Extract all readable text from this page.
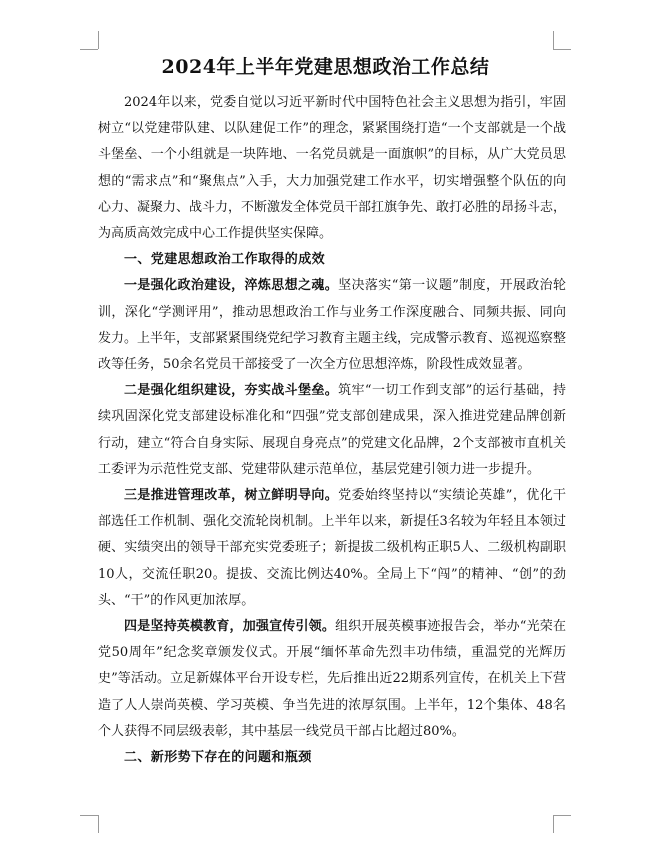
2024年上半年党建思想政治工作总结

2024年以来，党委自觉以习近平新时代中国特色社会主义思想为指引，牢固树立“以党建带队建、以队建促工作”的理念，紧紧围绕打造“一个支部就是一个战斗堡垒、一个小组就是一块阵地、一名党员就是一面旗帜”的目标，从广大党员思想的“需求点”和“聚焦点”入手，大力加强党建工作水平，切实增强整个队伍的向心力、凝聚力、战斗力，不断激发全体党员干部扛旗争先、敢打必胜的昂扬斗志，为高质高效完成中心工作提供坚实保障。

一、党建思想政治工作取得的成效

一是强化政治建设，淬炼思想之魂。坚决落实“第一议题”制度，开展政治轮训，深化“学测评用”，推动思想政治工作与业务工作深度融合、同频共振、同向发力。上半年，支部紧紧围绕党纪学习教育主题主线，完成警示教育、巡视巡察整改等任务，50余名党员干部接受了一次全方位思想淬炼，阶段性成效显著。

二是强化组织建设，夯实战斗堡垒。筑牢“一切工作到支部”的运行基础，持续巩固深化党支部建设标准化和“四强”党支部创建成果，深入推进党建品牌创新行动，建立“符合自身实际、展现自身亮点”的党建文化品牌，2个支部被市直机关工委评为示范性党支部、党建带队建示范单位，基层党建引领力进一步提升。

三是推进管理改革，树立鲜明导向。党委始终坚持以“实绩论英雄”，优化干部选任工作机制、强化交流轮岗机制。上半年以来，新提任3名较为年轻且本领过硬、实绩突出的领导干部充实党委班子；新提拔二级机构正职5人、二级机构副职10人，交流任职20。提拔、交流比例达40%。全局上下“闯”的精神、“创”的劲头、“干”的作风更加浓厚。

四是坚持英模教育，加强宣传引领。组织开展英模事迹报告会，举办“光荣在党50周年”纪念奖章颁发仪式。开展“缅怀革命先烈丰功伟绩，重温党的光辉历史”等活动。立足新媒体平台开设专栏，先后推出近22期系列宣传，在机关上下营造了人人崇尚英模、学习英模、争当先进的浓厚氛围。上半年，12个集体、48名个人获得不同层级表彰，其中基层一线党员干部占比超过80%。

二、新形势下存在的问题和瓶颈
